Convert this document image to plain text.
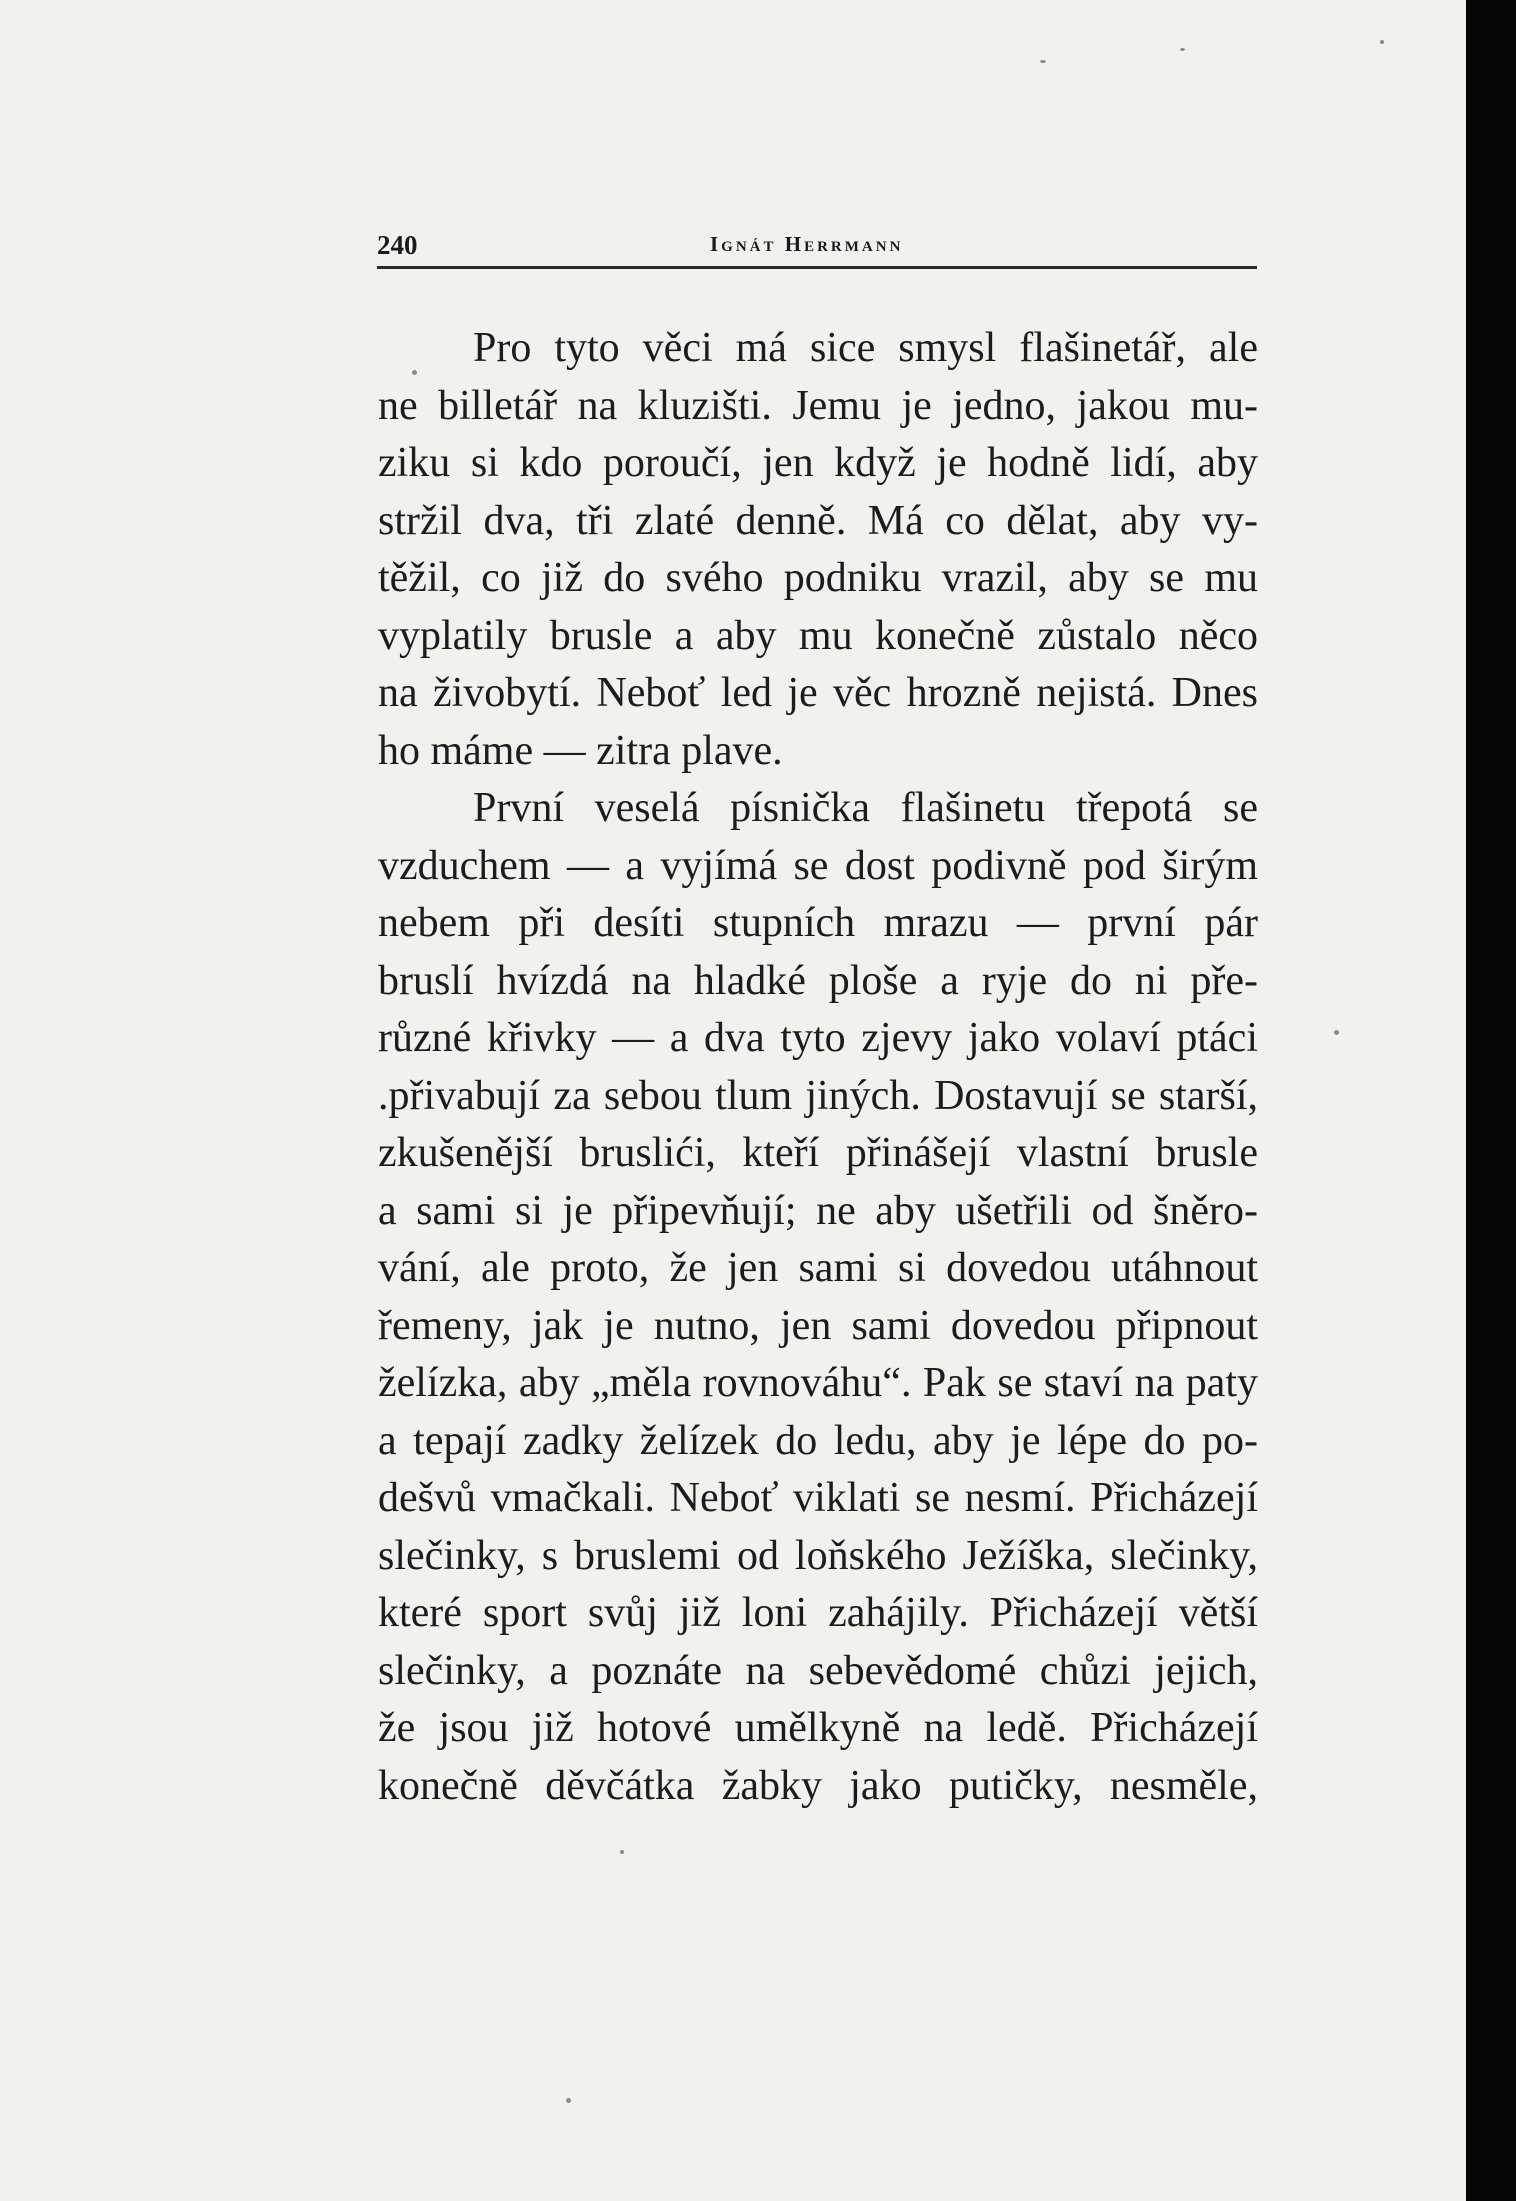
240	Ignát Herrmann
Pro tyto věci má sice smysl flašinetář, ale
ne billetář na kluzišti. Jemu je jedno, jakou mu-
ziku si kdo poroučí, jen když je hodně lidí, aby
stržil dva, tři zlaté denně. Má co dělat, aby vy-
těžil, co již do svého podniku vrazil, aby se mu
vyplatily brusle a aby mu konečně zůstalo něco
na živobytí. Neboť led je věc hrozně nejistá. Dnes
ho máme — zitra plave.
První veselá písnička flašinetu třepotá se
vzduchem — a vyjímá se dost podivně pod širým
nebem při desíti stupních mrazu — první pár
bruslí hvízdá na hladké ploše a ryje do ni pře-
různé křivky — a dva tyto zjevy jako volaví ptáci
.přivabují za sebou tlum jiných. Dostavují se starší,
zkušenější bruslići, kteří přinášejí vlastní brusle
a sami si je připevňují; ne aby ušetřili od šněro-
vání, ale proto, že jen sami si dovedou utáhnout
řemeny, jak je nutno, jen sami dovedou připnout
želízka, aby „měla rovnováhu“. Pak se staví na paty
a tepají zadky želízek do ledu, aby je lépe do po-
dešvů vmačkali. Neboť viklati se nesmí. Přicházejí
slečinky, s bruslemi od loňského Ježíška, slečinky,
které sport svůj již loni zahájily. Přicházejí větší
slečinky, a poznáte na sebevědomé chůzi jejich,
že jsou již hotové umělkyně na ledě. Přicházejí
konečně děvčátka žabky jako putičky, nesměle,
